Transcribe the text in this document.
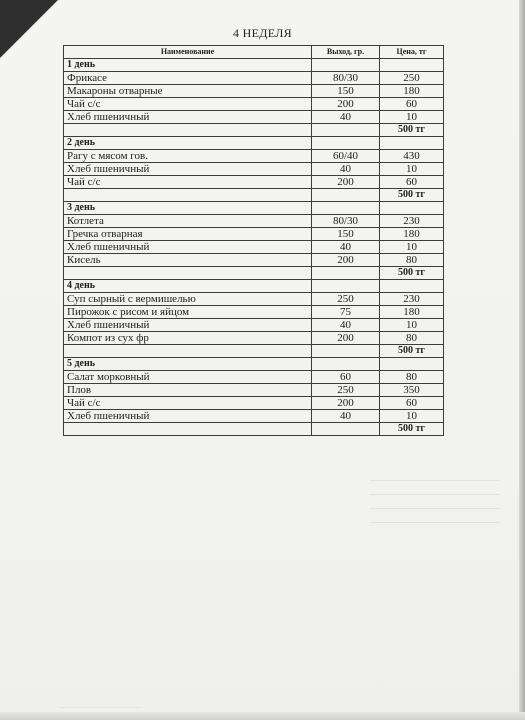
4 НЕДЕЛЯ
Наименование	Выход, гр.	Цена, тг
1 день		
Фрикасе	80/30	250
Макароны отварные	150	180
Чай с/с	200	60
Хлеб пшеничный	40	10
		500 тг
2 день		
Рагу с мясом гов.	60/40	430
Хлеб пшеничный	40	10
Чай с/с	200	60
		500 тг
3 день		
Котлета	80/30	230
Гречка отварная	150	180
Хлеб пшеничный	40	10
Кисель	200	80
		500 тг
4 день		
Суп сырный с вермишелью	250	230
Пирожок с рисом и яйцом	75	180
Хлеб пшеничный	40	10
Компот из сух фр	200	80
		500 тг
5 день		
Салат морковный	60	80
Плов	250	350
Чай с/с	200	60
Хлеб пшеничный	40	10
		500 тг
